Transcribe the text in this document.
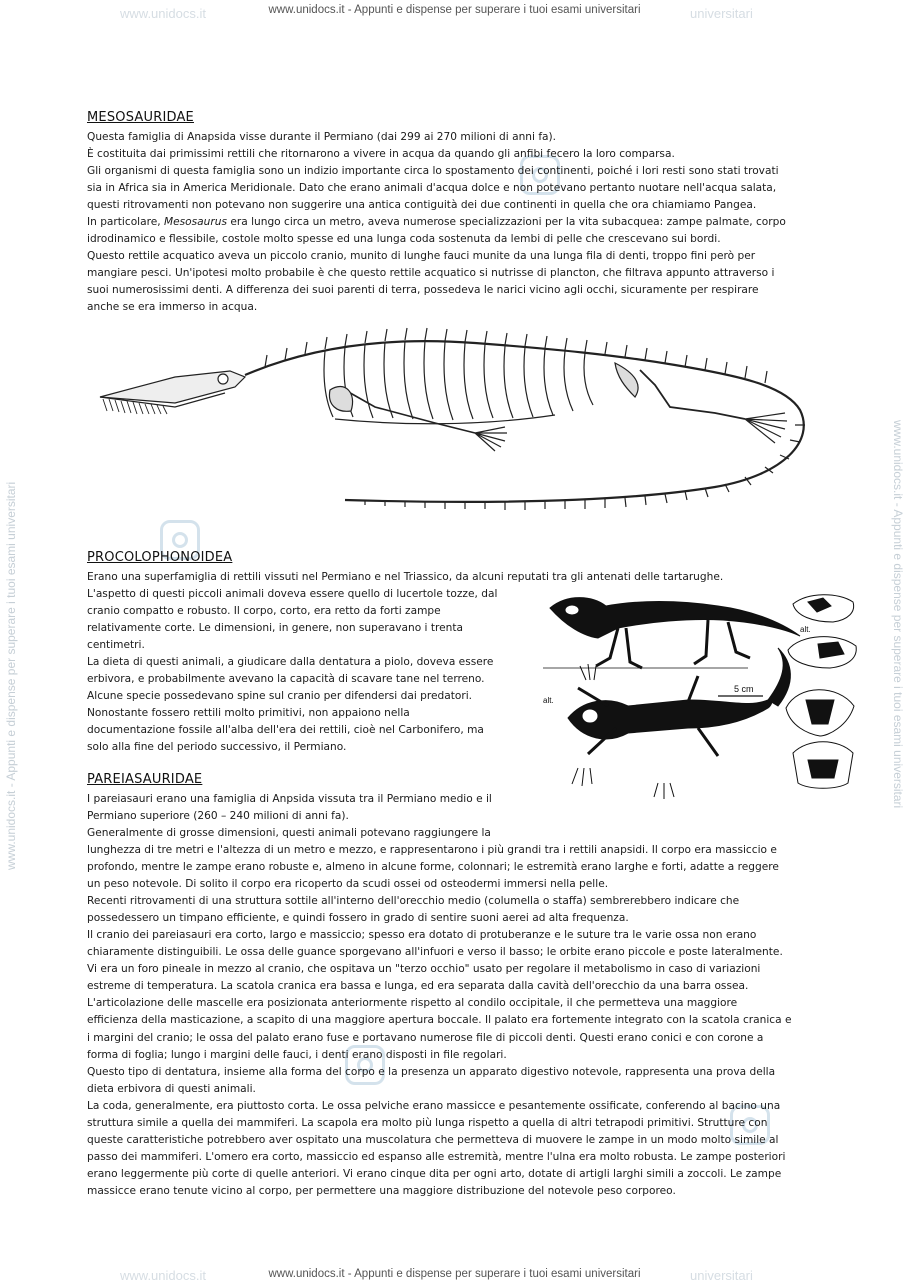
www.unidocs.it - Appunti e dispense per superare i tuoi esami universitari
www.unidocs.it - Appunti e dispense per superare i tuoi esami universitari
www.unidocs.it	universitari
www.unidocs.it	universitari
www.unidocs.it - Appunti e dispense per superare i tuoi esami universitari	www.unidocs.it - Appunti e dispense per superare i tuoi esami universitari
MESOSAURIDAE

Questa famiglia di Anapsida visse durante il Permiano (dai 299 ai 270 milioni di anni fa).

È costituita dai primissimi rettili che ritornarono a vivere in acqua da quando gli anfibi fecero la loro comparsa.

Gli organismi di questa famiglia sono un indizio importante circa lo spostamento dei continenti, poiché i lori resti sono stati trovati

sia in Africa sia in America Meridionale. Dato che erano animali d'acqua dolce e non potevano pertanto nuotare nell'acqua salata,

questi ritrovamenti non potevano non suggerire una antica contiguità dei due continenti in quella che ora chiamiamo Pangea.

In particolare, Mesosaurus era lungo circa un metro, aveva numerose specializzazioni per la vita subacquea: zampe palmate, corpo

idrodinamico e flessibile, costole molto spesse ed una lunga coda sostenuta da lembi di pelle che crescevano sui bordi.

Questo rettile acquatico aveva un piccolo cranio, munito di lunghe fauci munite da una lunga fila di denti, troppo fini però per

mangiare pesci. Un'ipotesi molto probabile è che questo rettile acquatico si nutrisse di plancton, che filtrava appunto attraverso i

suoi numerosissimi denti. A differenza dei suoi parenti di terra, possedeva le narici vicino agli occhi, sicuramente per respirare

anche se era immerso in acqua.

PROCOLOPHONOIDEA

Erano una superfamiglia di rettili vissuti nel Permiano e nel Triassico, da alcuni reputati tra gli antenati delle tartarughe.

L'aspetto di questi piccoli animali doveva essere quello di lucertole tozze, dal

cranio compatto e robusto. Il corpo, corto, era retto da forti zampe

relativamente corte. Le dimensioni, in genere, non superavano i trenta

centimetri.

La dieta di questi animali, a giudicare dalla dentatura a piolo, doveva essere

erbivora, e probabilmente avevano la capacità di scavare tane nel terreno.

Alcune specie possedevano spine sul cranio per difendersi dai predatori.

Nonostante fossero rettili molto primitivi, non appaiono nella

documentazione fossile all'alba dell'era dei rettili, cioè nel Carbonifero, ma

solo alla fine del periodo successivo, il Permiano.

5 cm
alt.
alt.
PAREIASAURIDAE

I pareiasauri erano una famiglia di Anpsida vissuta tra il Permiano medio e il

Permiano superiore (260 – 240 milioni di anni fa).

Generalmente di grosse dimensioni, questi animali potevano raggiungere la

lunghezza di tre metri e l'altezza di un metro e mezzo, e rappresentarono i più grandi tra i rettili anapsidi. Il corpo era massiccio e

profondo, mentre le zampe erano robuste e, almeno in alcune forme, colonnari; le estremità erano larghe e forti, adatte a reggere

un peso notevole. Di solito il corpo era ricoperto da scudi ossei od osteodermi immersi nella pelle.

Recenti ritrovamenti di una struttura sottile all'interno dell'orecchio medio (columella o staffa) sembrerebbero indicare che

possedessero un timpano efficiente, e quindi fossero in grado di sentire suoni aerei ad alta frequenza.

Il cranio dei pareiasauri era corto, largo e massiccio; spesso era dotato di protuberanze e le suture tra le varie ossa non erano

chiaramente distinguibili. Le ossa delle guance sporgevano all'infuori e verso il basso; le orbite erano piccole e poste lateralmente.

Vi era un foro pineale in mezzo al cranio, che ospitava un "terzo occhio" usato per regolare il metabolismo in caso di variazioni

estreme di temperatura. La scatola cranica era bassa e lunga, ed era separata dalla cavità dell'orecchio da una barra ossea.

L'articolazione delle mascelle era posizionata anteriormente rispetto al condilo occipitale, il che permetteva una maggiore

efficienza della masticazione, a scapito di una maggiore apertura boccale. Il palato era fortemente integrato con la scatola cranica e

i margini del cranio; le ossa del palato erano fuse e portavano numerose file di piccoli denti. Questi erano conici e con corone a

forma di foglia; lungo i margini delle fauci, i denti erano disposti in file regolari.

Questo tipo di dentatura, insieme alla forma del corpo e la presenza un apparato digestivo notevole, rappresenta una prova della

dieta erbivora di questi animali.

La coda, generalmente, era piuttosto corta. Le ossa pelviche erano massicce e pesantemente ossificate, conferendo al bacino una

struttura simile a quella dei mammiferi. La scapola era molto più lunga rispetto a quella di altri tetrapodi primitivi. Strutture con

queste caratteristiche potrebbero aver ospitato una muscolatura che permetteva di muovere le zampe in un modo molto simile al

passo dei mammiferi. L'omero era corto, massiccio ed espanso alle estremità, mentre l'ulna era molto robusta. Le zampe posteriori

erano leggermente più corte di quelle anteriori. Vi erano cinque dita per ogni arto, dotate di artigli larghi simili a zoccoli. Le zampe

massicce erano tenute vicino al corpo, per permettere una maggiore distribuzione del notevole peso corporeo.
